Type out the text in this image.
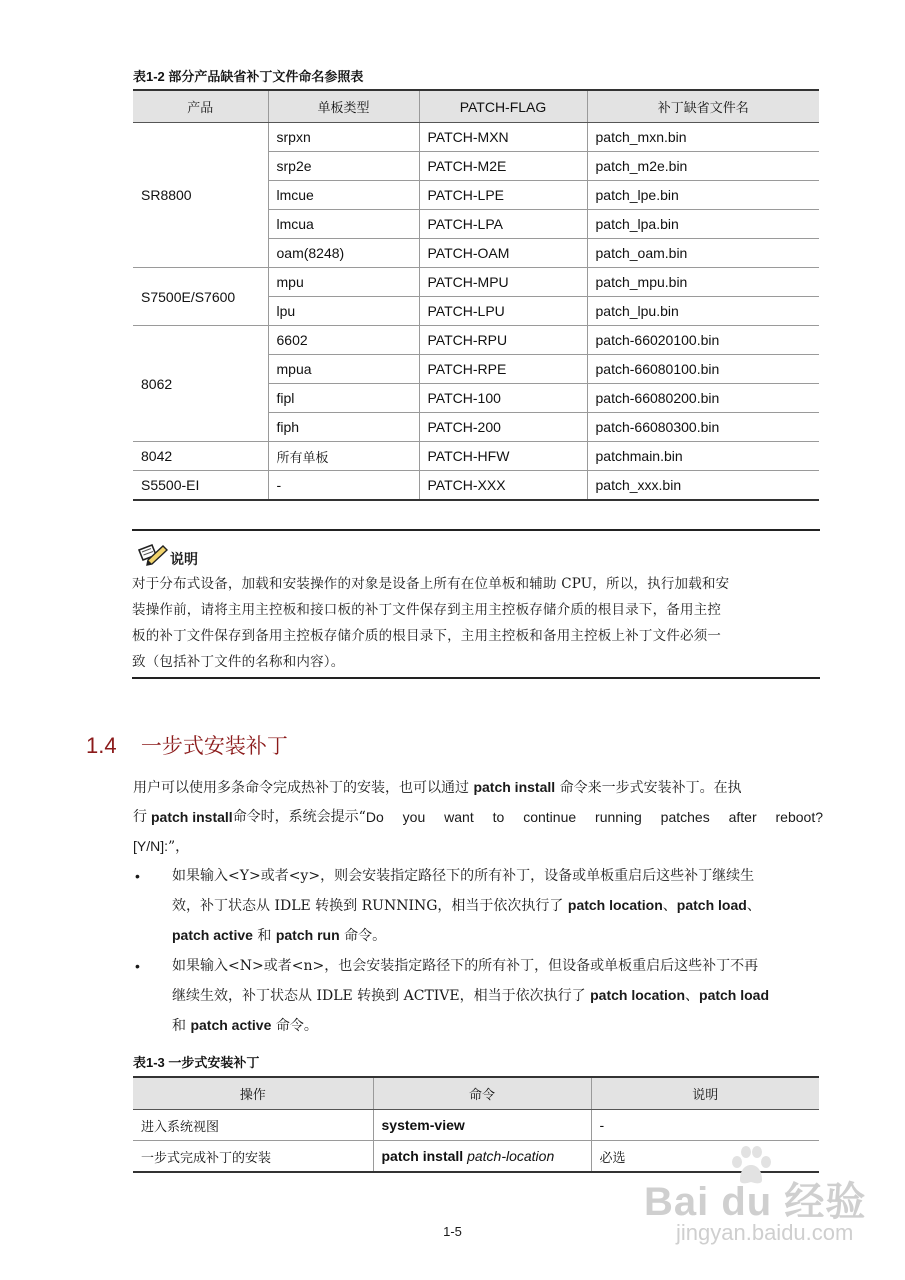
表1-2 部分产品缺省补丁文件命名参照表
产品	单板类型	PATCH-FLAG	补丁缺省文件名
SR8800	srpxn	PATCH-MXN	patch_mxn.bin
	srp2e	PATCH-M2E	patch_m2e.bin
	lmcue	PATCH-LPE	patch_lpe.bin
	lmcua	PATCH-LPA	patch_lpa.bin
	oam(8248)	PATCH-OAM	patch_oam.bin
S7500E/S7600	mpu	PATCH-MPU	patch_mpu.bin
	lpu	PATCH-LPU	patch_lpu.bin
8062	6602	PATCH-RPU	patch-66020100.bin
	mpua	PATCH-RPE	patch-66080100.bin
	fipl	PATCH-100	patch-66080200.bin
	fiph	PATCH-200	patch-66080300.bin
8042	所有单板	PATCH-HFW	patchmain.bin
S5500-EI	-	PATCH-XXX	patch_xxx.bin
说明
对于分布式设备，加载和安装操作的对象是设备上所有在位单板和辅助 CPU，所以，执行加载和安
装操作前，请将主用主控板和接口板的补丁文件保存到主用主控板存储介质的根目录下，备用主控
板的补丁文件保存到备用主控板存储介质的根目录下，主用主控板和备用主控板上补丁文件必须一
致（包括补丁文件的名称和内容）。
1.4 一步式安装补丁
用户可以使用多条命令完成热补丁的安装，也可以通过 patch install 命令来一步式安装补丁。在执
行 patch install 命令时，系统会提示“ Do you want to continue running patches after reboot?
[Y/N]:”，
• 如果输入<Y>或者<y>，则会安装指定路径下的所有补丁，设备或单板重启后这些补丁继续生
效，补丁状态从 IDLE 转换到 RUNNING，相当于依次执行了 patch location、patch load、
patch active 和 patch run 命令。
• 如果输入<N>或者<n>，也会安装指定路径下的所有补丁，但设备或单板重启后这些补丁不再
继续生效，补丁状态从 IDLE 转换到 ACTIVE，相当于依次执行了 patch location、patch load
和 patch active 命令。
表1-3 一步式安装补丁
操作	命令	说明
进入系统视图	system-view	-
一步式完成补丁的安装	patch install patch-location	必选
1-5
Bai du 经验
jingyan.baidu.com
